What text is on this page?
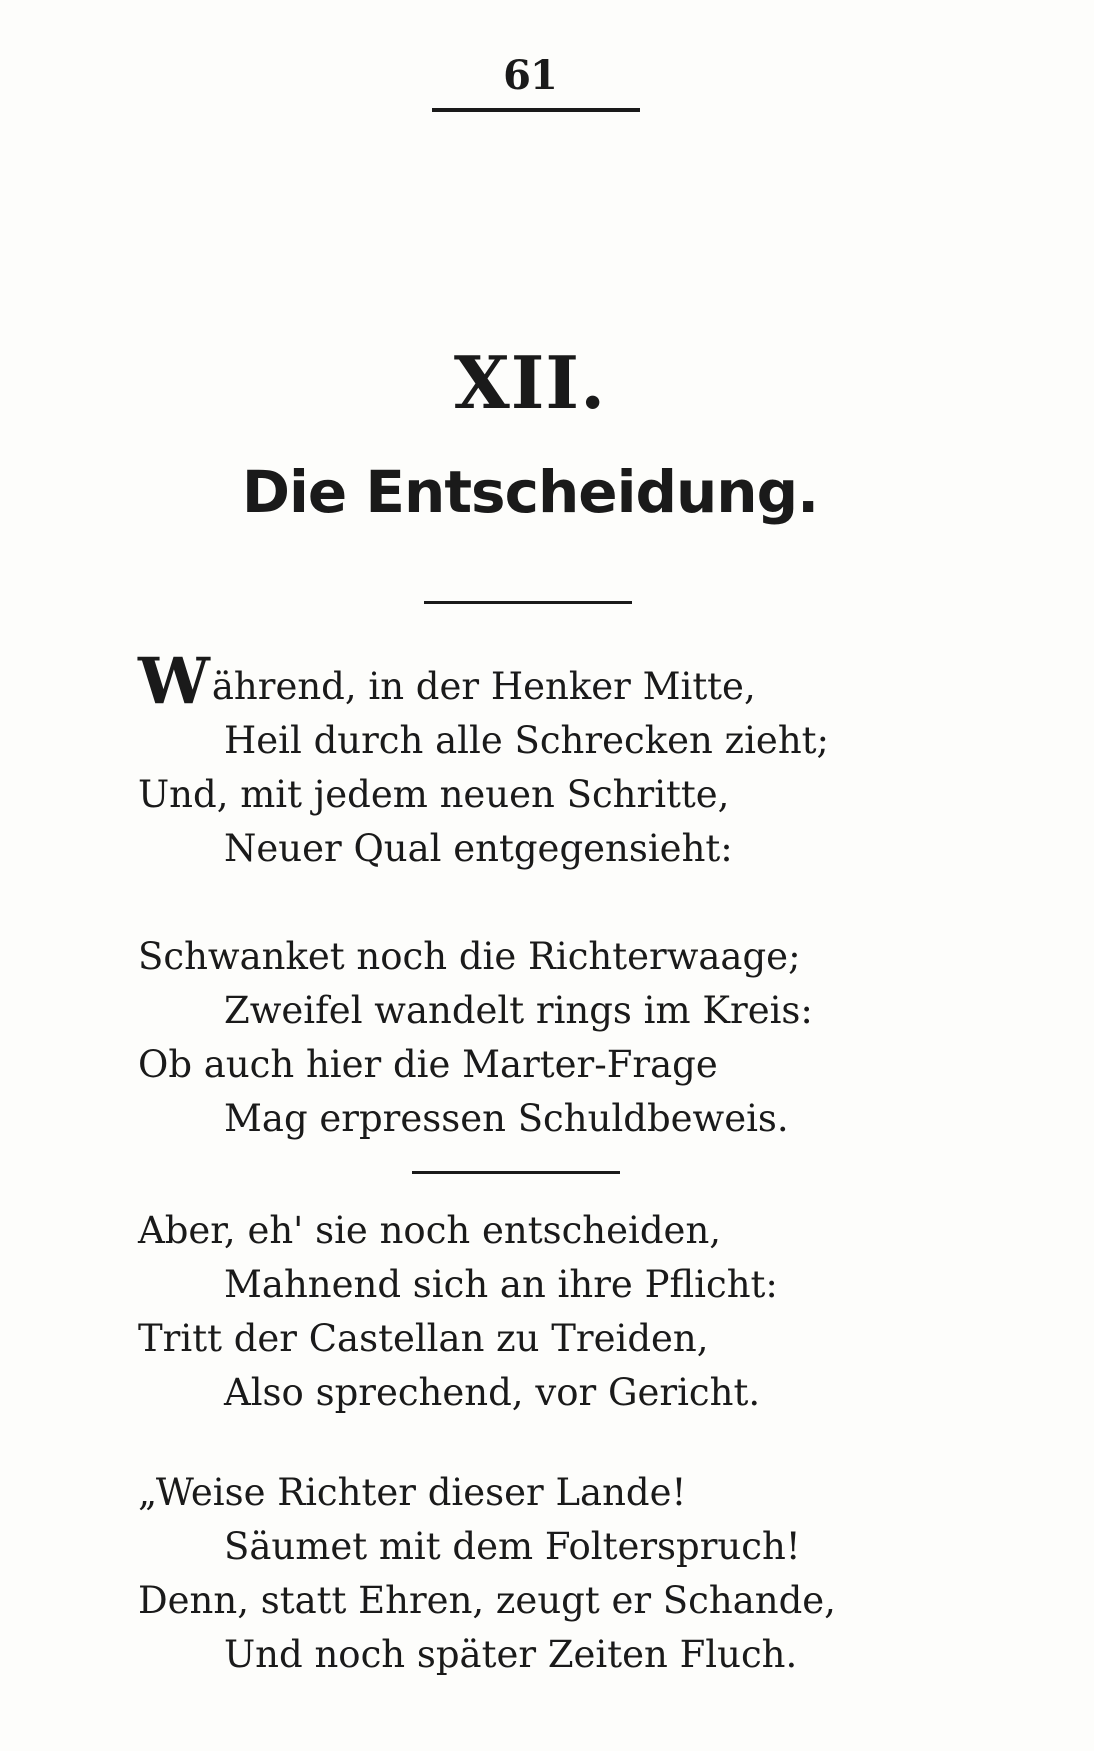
61
XII.
Die Entscheidung.
Während, in der Henker Mitte,
Heil durch alle Schrecken zieht;
Und, mit jedem neuen Schritte,
Neuer Qual entgegensieht:
Schwanket noch die Richterwaage;
Zweifel wandelt rings im Kreis:
Ob auch hier die Marter-Frage
Mag erpressen Schuldbeweis.
Aber, eh' sie noch entscheiden,
Mahnend sich an ihre Pflicht:
Tritt der Castellan zu Treiden,
Also sprechend, vor Gericht.
„Weise Richter dieser Lande!
Säumet mit dem Folterspruch!
Denn, statt Ehren, zeugt er Schande,
Und noch später Zeiten Fluch.
